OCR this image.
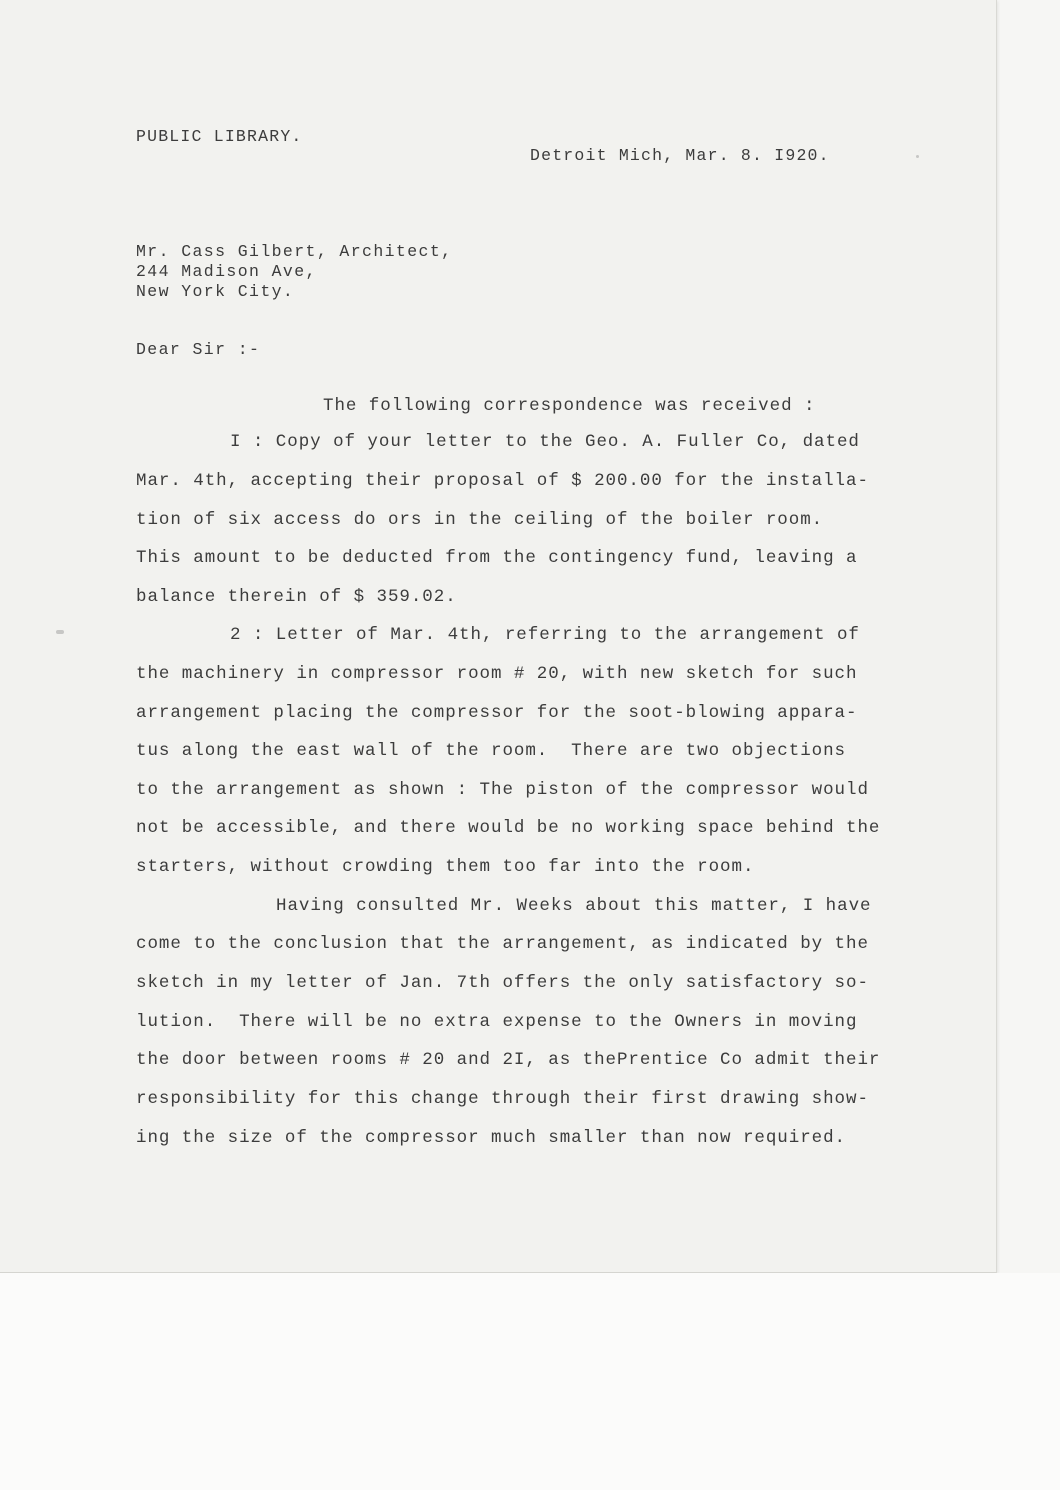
PUBLIC LIBRARY.
Detroit Mich, Mar. 8. I920.
Mr. Cass Gilbert, Architect,
244 Madison Ave,
New York City.
Dear Sir :-
The following correspondence was received :
I : Copy of your letter to the Geo. A. Fuller Co, dated
Mar. 4th, accepting their proposal of $ 200.00 for the installa-
tion of six access do ors in the ceiling of the boiler room.
This amount to be deducted from the contingency fund, leaving a
balance therein of $ 359.02.
2 : Letter of Mar. 4th, referring to the arrangement of
the machinery in compressor room # 20, with new sketch for such
arrangement placing the compressor for the soot-blowing appara-
tus along the east wall of the room.  There are two objections
to the arrangement as shown : The piston of the compressor would
not be accessible, and there would be no working space behind the
starters, without crowding them too far into the room.
Having consulted Mr. Weeks about this matter, I have
come to the conclusion that the arrangement, as indicated by the
sketch in my letter of Jan. 7th offers the only satisfactory so-
lution.  There will be no extra expense to the Owners in moving
the door between rooms # 20 and 2I, as thePrentice Co admit their
responsibility for this change through their first drawing show-
ing the size of the compressor much smaller than now required.
